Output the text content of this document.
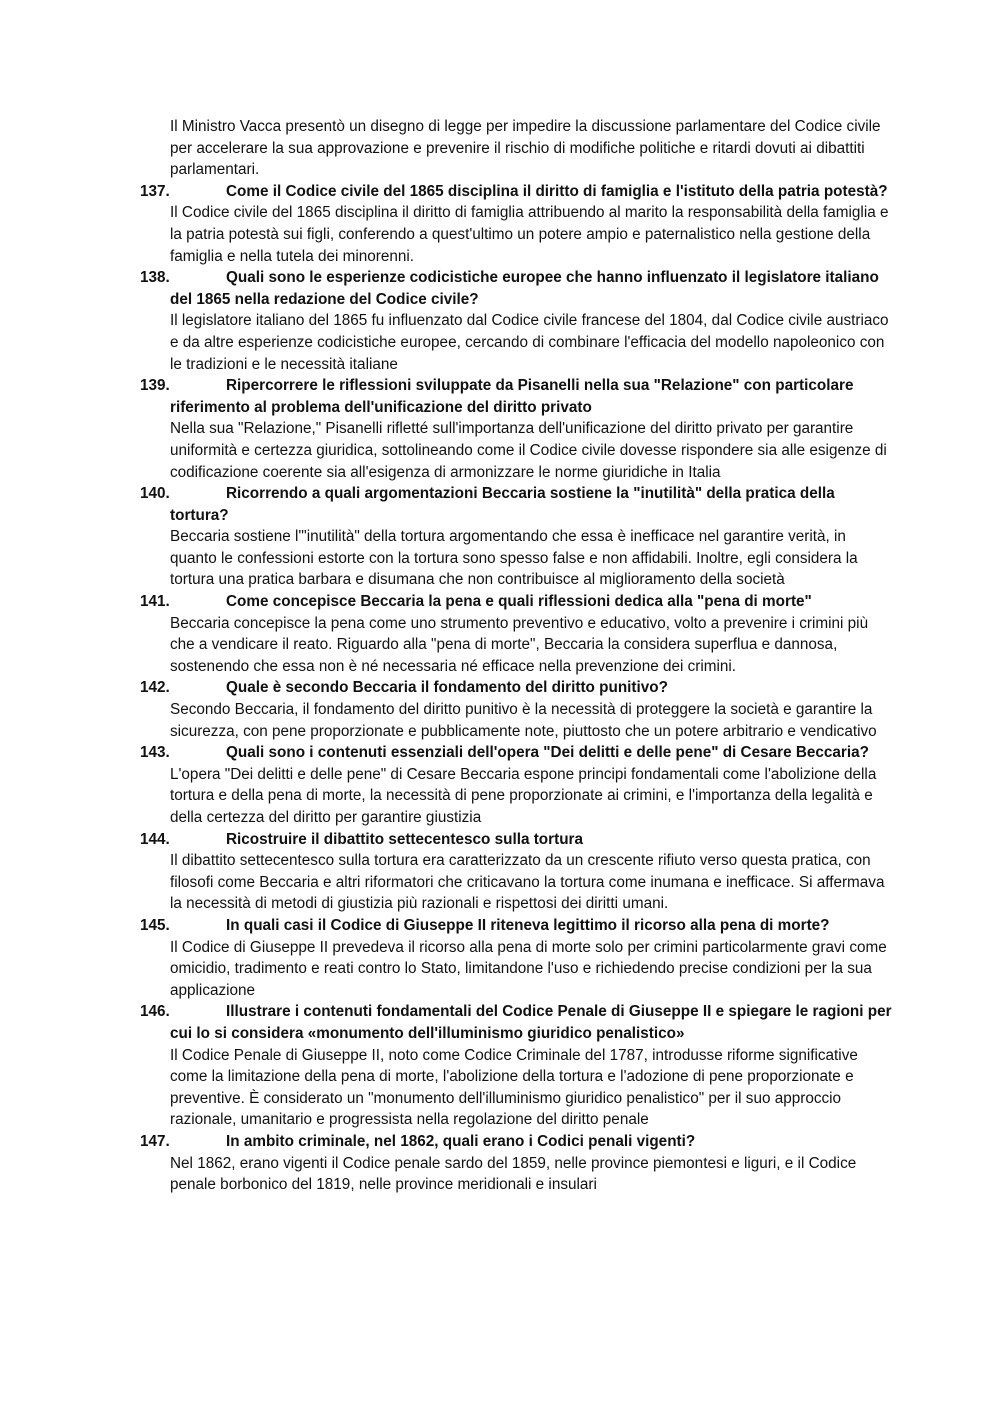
Il Ministro Vacca presentò un disegno di legge per impedire la discussione parlamentare del Codice civile per accelerare la sua approvazione e prevenire il rischio di modifiche politiche e ritardi dovuti ai dibattiti parlamentari.

137.	Come il Codice civile del 1865 disciplina il diritto di famiglia e l'istituto della patria potestà?

Il Codice civile del 1865 disciplina il diritto di famiglia attribuendo al marito la responsabilità della famiglia e la patria potestà sui figli, conferendo a quest'ultimo un potere ampio e paternalistico nella gestione della famiglia e nella tutela dei minorenni.

138.	Quali sono le esperienze codicistiche europee che hanno influenzato il legislatore italiano del 1865 nella redazione del Codice civile?

Il legislatore italiano del 1865 fu influenzato dal Codice civile francese del 1804, dal Codice civile austriaco e da altre esperienze codicistiche europee, cercando di combinare l'efficacia del modello napoleonico con le tradizioni e le necessità italiane

139.	Ripercorrere le riflessioni sviluppate da Pisanelli nella sua "Relazione" con particolare riferimento al problema dell'unificazione del diritto privato

Nella sua "Relazione," Pisanelli rifletté sull'importanza dell'unificazione del diritto privato per garantire uniformità e certezza giuridica, sottolineando come il Codice civile dovesse rispondere sia alle esigenze di codificazione coerente sia all'esigenza di armonizzare le norme giuridiche in Italia

140.	Ricorrendo a quali argomentazioni Beccaria sostiene la "inutilità" della pratica della tortura?

Beccaria sostiene l'"inutilità" della tortura argomentando che essa è inefficace nel garantire verità, in quanto le confessioni estorte con la tortura sono spesso false e non affidabili. Inoltre, egli considera la tortura una pratica barbara e disumana che non contribuisce al miglioramento della società

141.	Come concepisce Beccaria la pena e quali riflessioni dedica alla "pena di morte"

Beccaria concepisce la pena come uno strumento preventivo e educativo, volto a prevenire i crimini più che a vendicare il reato. Riguardo alla "pena di morte", Beccaria la considera superflua e dannosa, sostenendo che essa non è né necessaria né efficace nella prevenzione dei crimini.

142.	Quale è secondo Beccaria il fondamento del diritto punitivo?

Secondo Beccaria, il fondamento del diritto punitivo è la necessità di proteggere la società e garantire la sicurezza, con pene proporzionate e pubblicamente note, piuttosto che un potere arbitrario e vendicativo

143.	Quali sono i contenuti essenziali dell'opera "Dei delitti e delle pene" di Cesare Beccaria?

L'opera "Dei delitti e delle pene" di Cesare Beccaria espone principi fondamentali come l'abolizione della tortura e della pena di morte, la necessità di pene proporzionate ai crimini, e l'importanza della legalità e della certezza del diritto per garantire giustizia

144.	Ricostruire il dibattito settecentesco sulla tortura

Il dibattito settecentesco sulla tortura era caratterizzato da un crescente rifiuto verso questa pratica, con filosofi come Beccaria e altri riformatori che criticavano la tortura come inumana e inefficace. Si affermava la necessità di metodi di giustizia più razionali e rispettosi dei diritti umani.

145.	In quali casi il Codice di Giuseppe II riteneva legittimo il ricorso alla pena di morte?

Il Codice di Giuseppe II prevedeva il ricorso alla pena di morte solo per crimini particolarmente gravi come omicidio, tradimento e reati contro lo Stato, limitandone l'uso e richiedendo precise condizioni per la sua applicazione

146.	Illustrare i contenuti fondamentali del Codice Penale di Giuseppe II e spiegare le ragioni per cui lo si considera «monumento dell'illuminismo giuridico penalistico»

Il Codice Penale di Giuseppe II, noto come Codice Criminale del 1787, introdusse riforme significative come la limitazione della pena di morte, l'abolizione della tortura e l'adozione di pene proporzionate e preventive. È considerato un "monumento dell'illuminismo giuridico penalistico" per il suo approccio razionale, umanitario e progressista nella regolazione del diritto penale

147.	In ambito criminale, nel 1862, quali erano i Codici penali vigenti?

Nel 1862, erano vigenti il Codice penale sardo del 1859, nelle province piemontesi e liguri, e il Codice penale borbonico del 1819, nelle province meridionali e insulari
